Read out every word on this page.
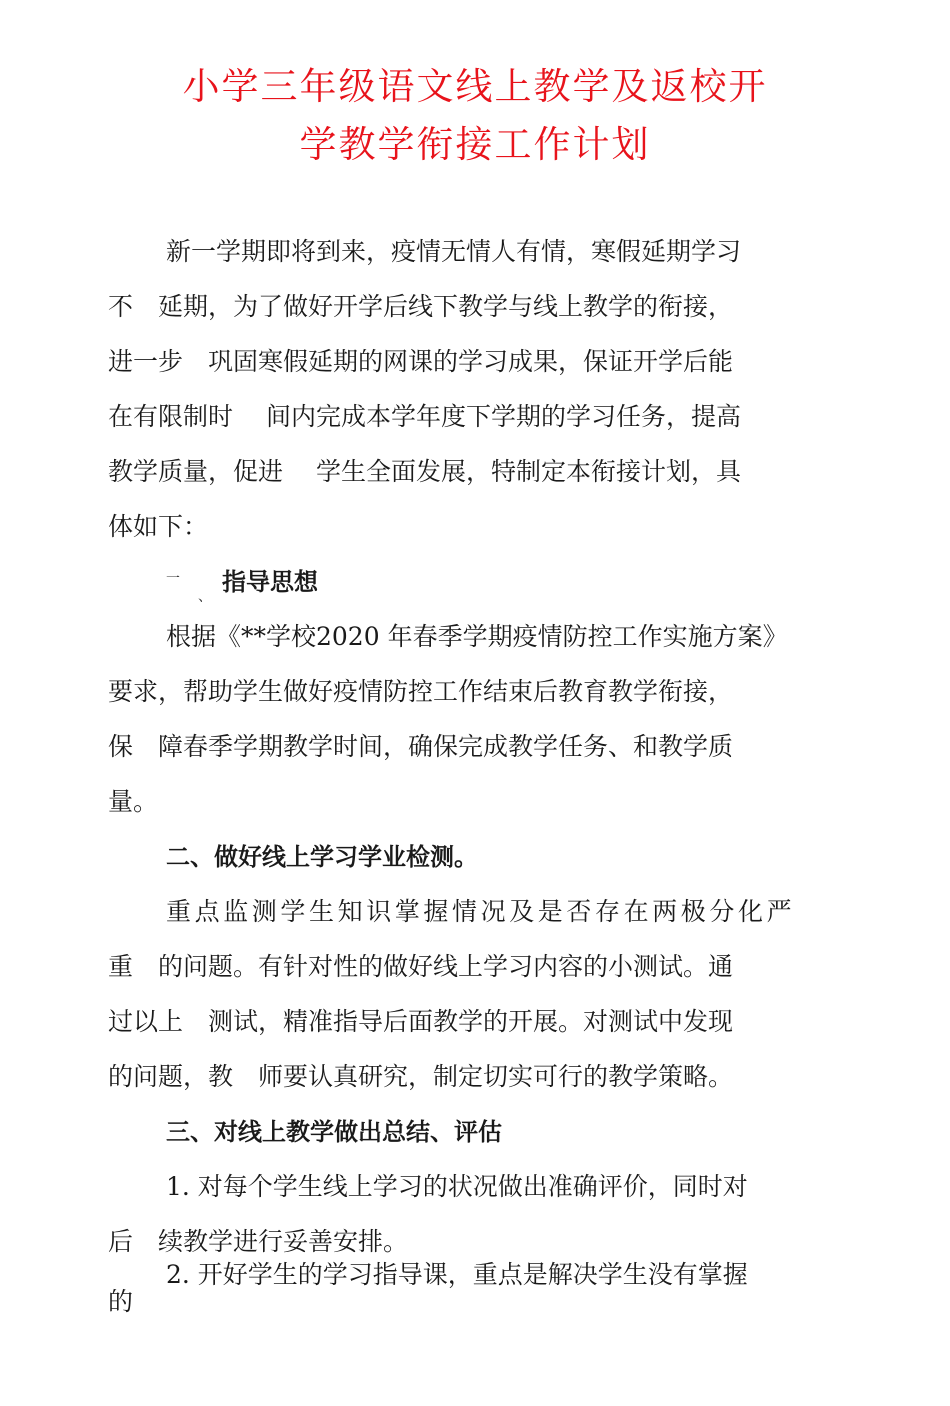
小学三年级语文线上教学及返校开
学教学衔接工作计划
新一学期即将到来，疫情无情人有情，寒假延期学习
不　延期，为了做好开学后线下教学与线上教学的衔接，
进一步　巩固寒假延期的网课的学习成果，保证开学后能
在有限制时　 间内完成本学年度下学期的学习任务，提高
教学质量，促进　 学生全面发展，特制定本衔接计划，具
体如下：
一
、
指导思想
根据《**学校2020 年春季学期疫情防控工作实施方案》
要求，帮助学生做好疫情防控工作结束后教育教学衔接，
保　障春季学期教学时间，确保完成教学任务、和教学质
量。
二、做好线上学习学业检测。
重点监测学生知识掌握情况及是否存在两极分化严
重　的问题。有针对性的做好线上学习内容的小测试。通
过以上　测试，精准指导后面教学的开展。对测试中发现
的问题，教　师要认真研究，制定切实可行的教学策略。
三、对线上教学做出总结、评估
1. 对每个学生线上学习的状况做出准确评价，同时对
后　续教学进行妥善安排。
2. 开好学生的学习指导课，重点是解决学生没有掌握
的
